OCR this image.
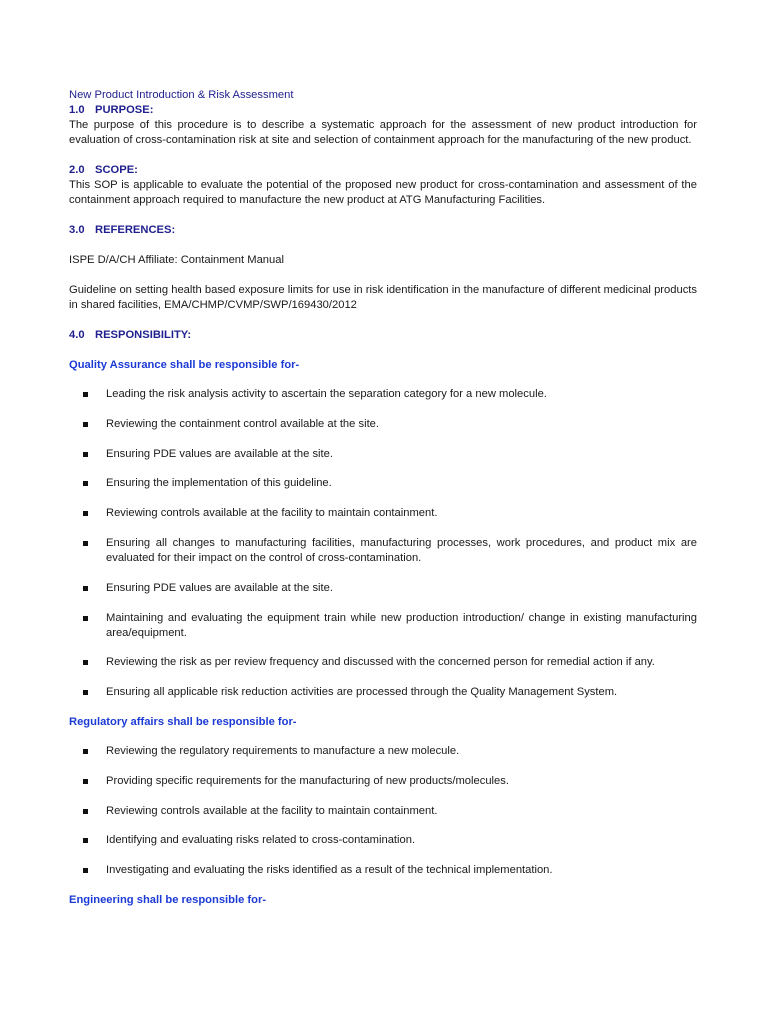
New Product Introduction & Risk Assessment
1.0 PURPOSE:

The purpose of this procedure is to describe a systematic approach for the assessment of new product introduction for evaluation of cross-contamination risk at site and selection of containment approach for the manufacturing of the new product.

2.0 SCOPE:

This SOP is applicable to evaluate the potential of the proposed new product for cross-contamination and assessment of the containment approach required to manufacture the new product at ATG Manufacturing Facilities.

3.0 REFERENCES:

ISPE D/A/CH Affiliate: Containment Manual

Guideline on setting health based exposure limits for use in risk identification in the manufacture of different medicinal products in shared facilities, EMA/CHMP/CVMP/SWP/169430/2012

4.0 RESPONSIBILITY:
Quality Assurance shall be responsible for-
Leading the risk analysis activity to ascertain the separation category for a new molecule.
Reviewing the containment control available at the site.
Ensuring PDE values are available at the site.
Ensuring the implementation of this guideline.
Reviewing controls available at the facility to maintain containment.
Ensuring all changes to manufacturing facilities, manufacturing processes, work procedures, and product mix are evaluated for their impact on the control of cross-contamination.
Ensuring PDE values are available at the site.
Maintaining and evaluating the equipment train while new production introduction/ change in existing manufacturing area/equipment.
Reviewing the risk as per review frequency and discussed with the concerned person for remedial action if any.
Ensuring all applicable risk reduction activities are processed through the Quality Management System.
Regulatory affairs shall be responsible for-
Reviewing the regulatory requirements to manufacture a new molecule.
Providing specific requirements for the manufacturing of new products/molecules.
Reviewing controls available at the facility to maintain containment.
Identifying and evaluating risks related to cross-contamination.
Investigating and evaluating the risks identified as a result of the technical implementation.
Engineering shall be responsible for-
